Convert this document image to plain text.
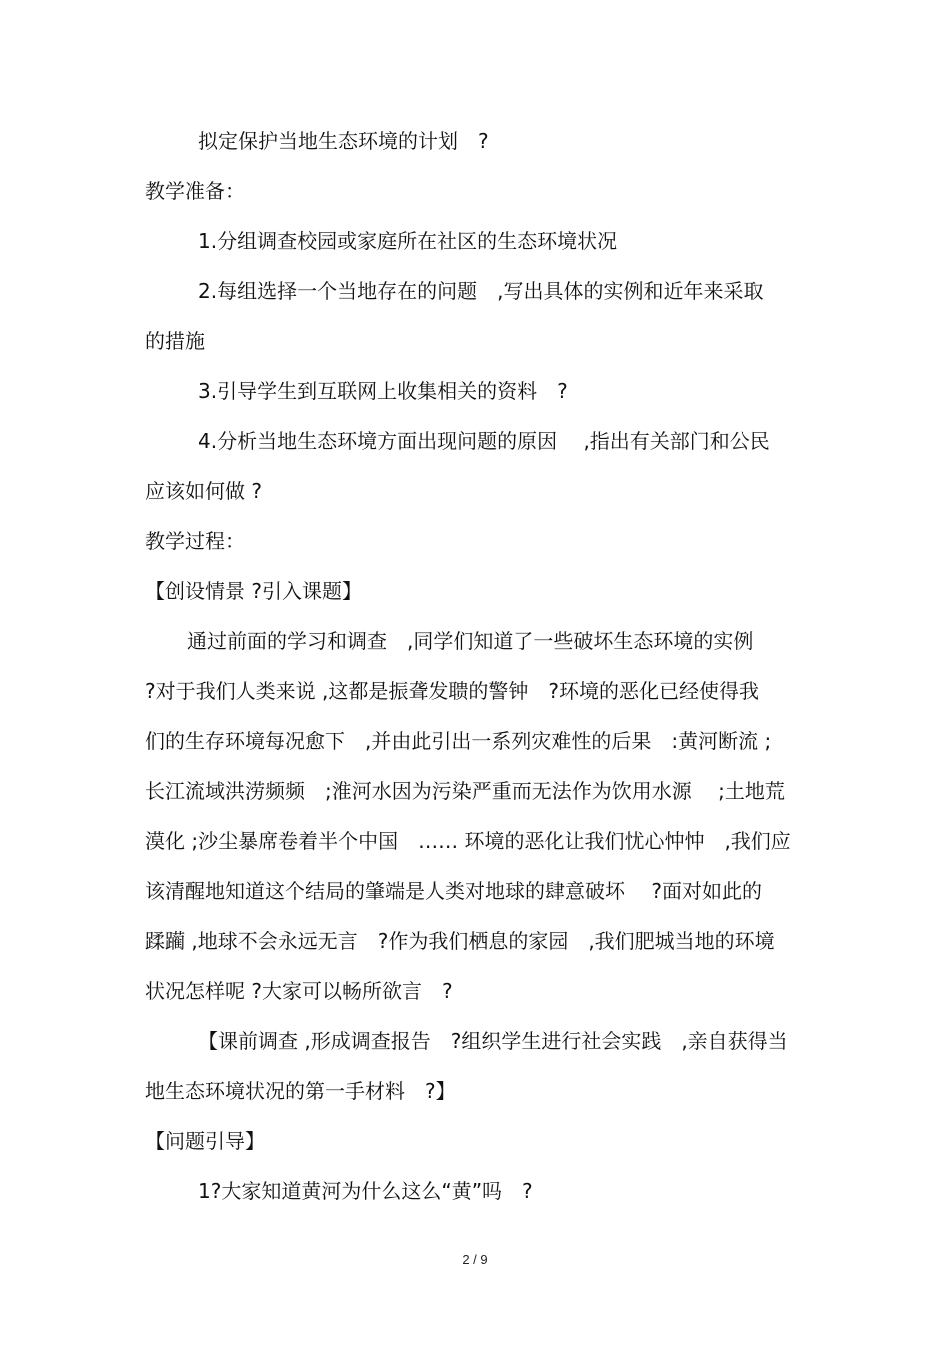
拟定保护当地生态环境的计划　?
教学准备：
1.分组调查校园或家庭所在社区的生态环境状况
2.每组选择一个当地存在的问题　,写出具体的实例和近年来采取
的措施
3.引导学生到互联网上收集相关的资料　?
4.分析当地生态环境方面出现问题的原因　 ,指出有关部门和公民
应该如何做 ?
教学过程：
【创设情景 ?引入课题】
通过前面的学习和调查　,同学们知道了一些破坏生态环境的实例
?对于我们人类来说 ,这都是振聋发聩的警钟　?环境的恶化已经使得我
们的生存环境每况愈下　,并由此引出一系列灾难性的后果　:黄河断流 ;
长江流域洪涝频频　;淮河水因为污染严重而无法作为饮用水源　 ;土地荒
漠化 ;沙尘暴席卷着半个中国　…… 环境的恶化让我们忧心忡忡　,我们应
该清醒地知道这个结局的肇端是人类对地球的肆意破坏　 ?面对如此的
蹂躏 ,地球不会永远无言　?作为我们栖息的家园　,我们肥城当地的环境
状况怎样呢 ?大家可以畅所欲言　?
【课前调查 ,形成调查报告　?组织学生进行社会实践　,亲自获得当
地生态环境状况的第一手材料　?】
【问题引导】
1?大家知道黄河为什么这么“黄”吗　?
2 / 9
